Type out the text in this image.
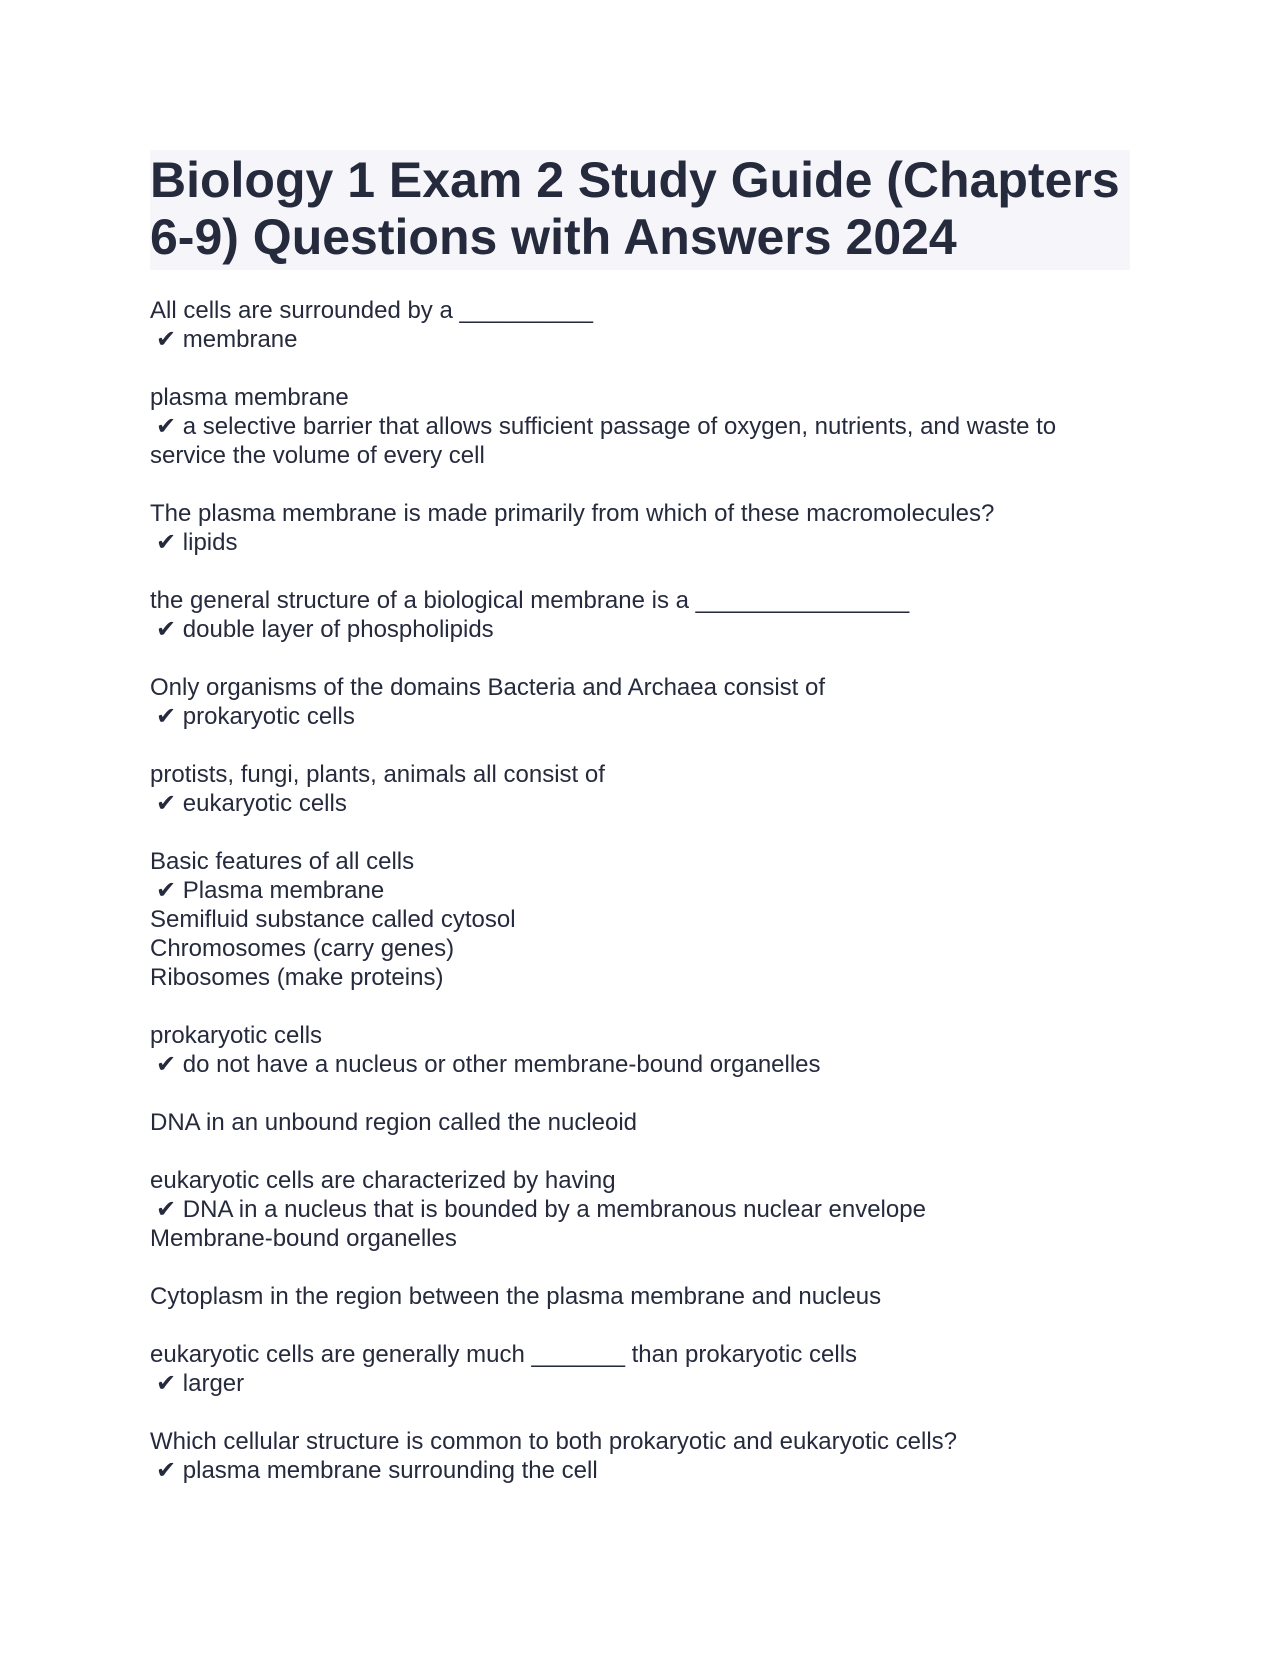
Biology 1 Exam 2 Study Guide (Chapters
6-9) Questions with Answers 2024
All cells are surrounded by a __________
✔ membrane
plasma membrane
✔ a selective barrier that allows sufficient passage of oxygen, nutrients, and waste to
service the volume of every cell
The plasma membrane is made primarily from which of these macromolecules?
✔ lipids
the general structure of a biological membrane is a ________________
✔ double layer of phospholipids
Only organisms of the domains Bacteria and Archaea consist of
✔ prokaryotic cells
protists, fungi, plants, animals all consist of
✔ eukaryotic cells
Basic features of all cells
✔ Plasma membrane
Semifluid substance called cytosol
Chromosomes (carry genes)
Ribosomes (make proteins)
prokaryotic cells
✔ do not have a nucleus or other membrane-bound organelles
DNA in an unbound region called the nucleoid
eukaryotic cells are characterized by having
✔ DNA in a nucleus that is bounded by a membranous nuclear envelope
Membrane-bound organelles
Cytoplasm in the region between the plasma membrane and nucleus
eukaryotic cells are generally much _______ than prokaryotic cells
✔ larger
Which cellular structure is common to both prokaryotic and eukaryotic cells?
✔ plasma membrane surrounding the cell
